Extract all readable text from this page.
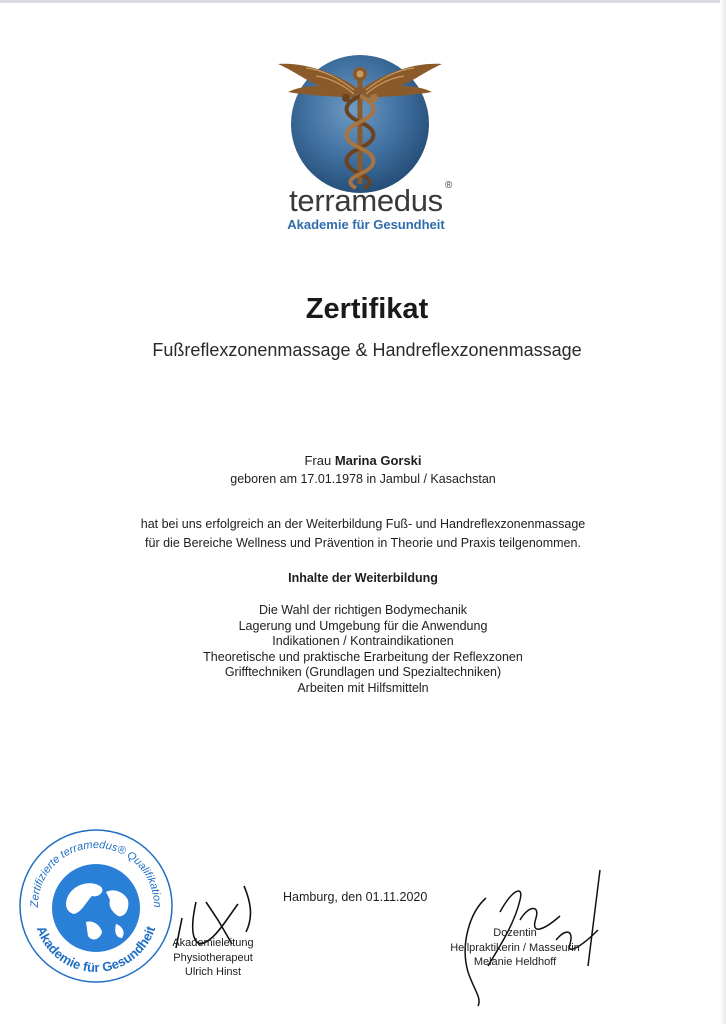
terramedus ®
Akademie für Gesundheit
Zertifikat
Fußreflexzonenmassage & Handreflexzonenmassage
Frau Marina Gorski
geboren am 17.01.1978 in Jambul / Kasachstan
hat bei uns erfolgreich an der Weiterbildung Fuß- und Handreflexzonenmassage
für die Bereiche Wellness und Prävention in Theorie und Praxis teilgenommen.
Inhalte der Weiterbildung
Die Wahl der richtigen Bodymechanik
Lagerung und Umgebung für die Anwendung
Indikationen / Kontraindikationen
Theoretische und praktische Erarbeitung der Reflexzonen
Grifftechniken (Grundlagen und Spezialtechniken)
Arbeiten mit Hilfsmitteln
Zertifizierte terramedus® Qualifikation
Akademie für Gesundheit
Hamburg, den 01.11.2020
Akademieleitung
Physiotherapeut
Ulrich Hinst
Dozentin
Heilpraktikerin / Masseurin
Melanie Heldhoff
